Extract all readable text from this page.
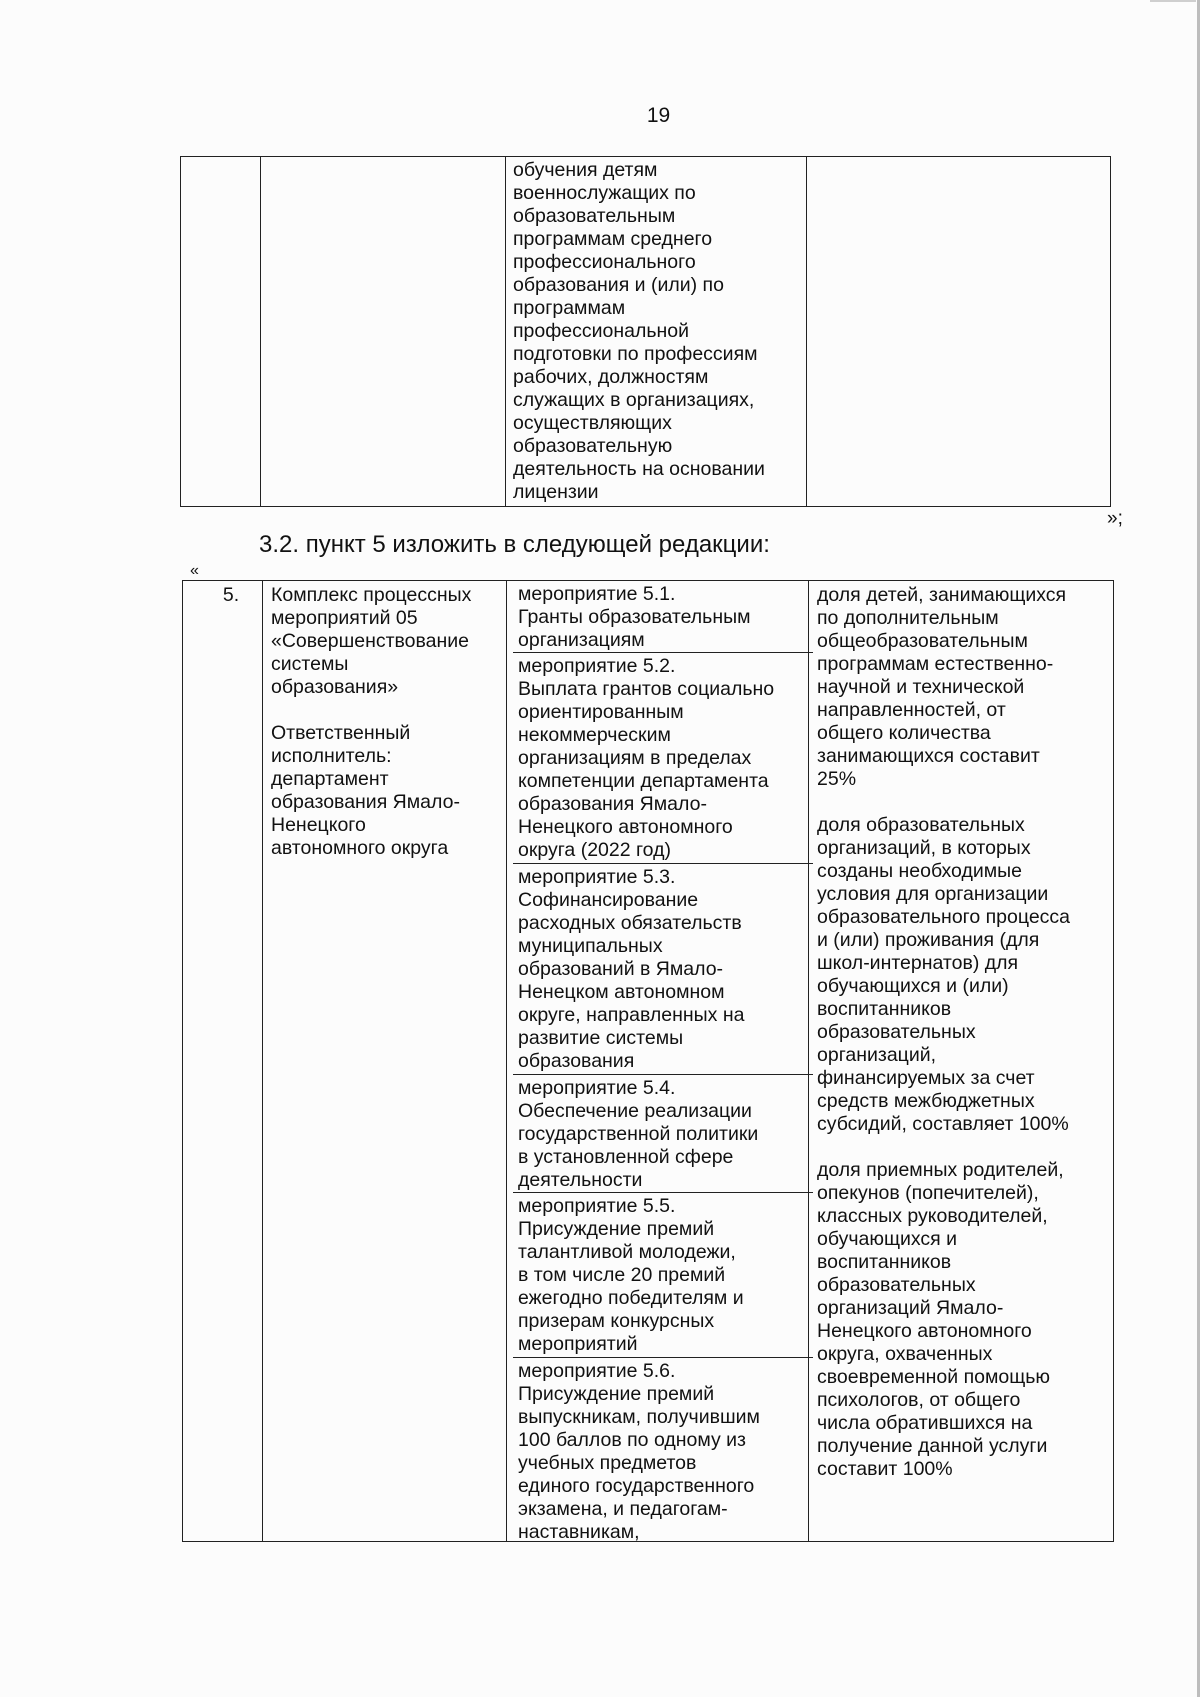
19
обучения детям
военнослужащих по
образовательным
программам среднего
профессионального
образования и (или) по
программам
профессиональной
подготовки по профессиям
рабочих, должностям
служащих в организациях,
осуществляющих
образовательную
деятельность на основании
лицензии
»;
3.2. пункт 5 изложить в следующей редакции:
«
5.	Комплекс процессных
мероприятий 05
«Совершенствование
системы
образования»
Ответственный
исполнитель:
департамент
образования Ямало-
Ненецкого
автономного округа
мероприятие 5.1.
Гранты образовательным
организациям
мероприятие 5.2.
Выплата грантов социально
ориентированным
некоммерческим
организациям в пределах
компетенции департамента
образования Ямало-
Ненецкого автономного
округа (2022 год)
мероприятие 5.3.
Софинансирование
расходных обязательств
муниципальных
образований в Ямало-
Ненецком автономном
округе, направленных на
развитие системы
образования
мероприятие 5.4.
Обеспечение реализации
государственной политики
в установленной сфере
деятельности
мероприятие 5.5.
Присуждение премий
талантливой молодежи,
в том числе 20 премий
ежегодно победителям и
призерам конкурсных
мероприятий
мероприятие 5.6.
Присуждение премий
выпускникам, получившим
100 баллов по одному из
учебных предметов
единого государственного
экзамена, и педагогам-
наставникам,
доля детей, занимающихся
по дополнительным
общеобразовательным
программам естественно-
научной и технической
направленностей, от
общего количества
занимающихся составит
25%
доля образовательных
организаций, в которых
созданы необходимые
условия для организации
образовательного процесса
и (или) проживания (для
школ-интернатов) для
обучающихся и (или)
воспитанников
образовательных
организаций,
финансируемых за счет
средств межбюджетных
субсидий, составляет 100%
доля приемных родителей,
опекунов (попечителей),
классных руководителей,
обучающихся и
воспитанников
образовательных
организаций Ямало-
Ненецкого автономного
округа, охваченных
своевременной помощью
психологов, от общего
числа обратившихся на
получение данной услуги
составит 100%
